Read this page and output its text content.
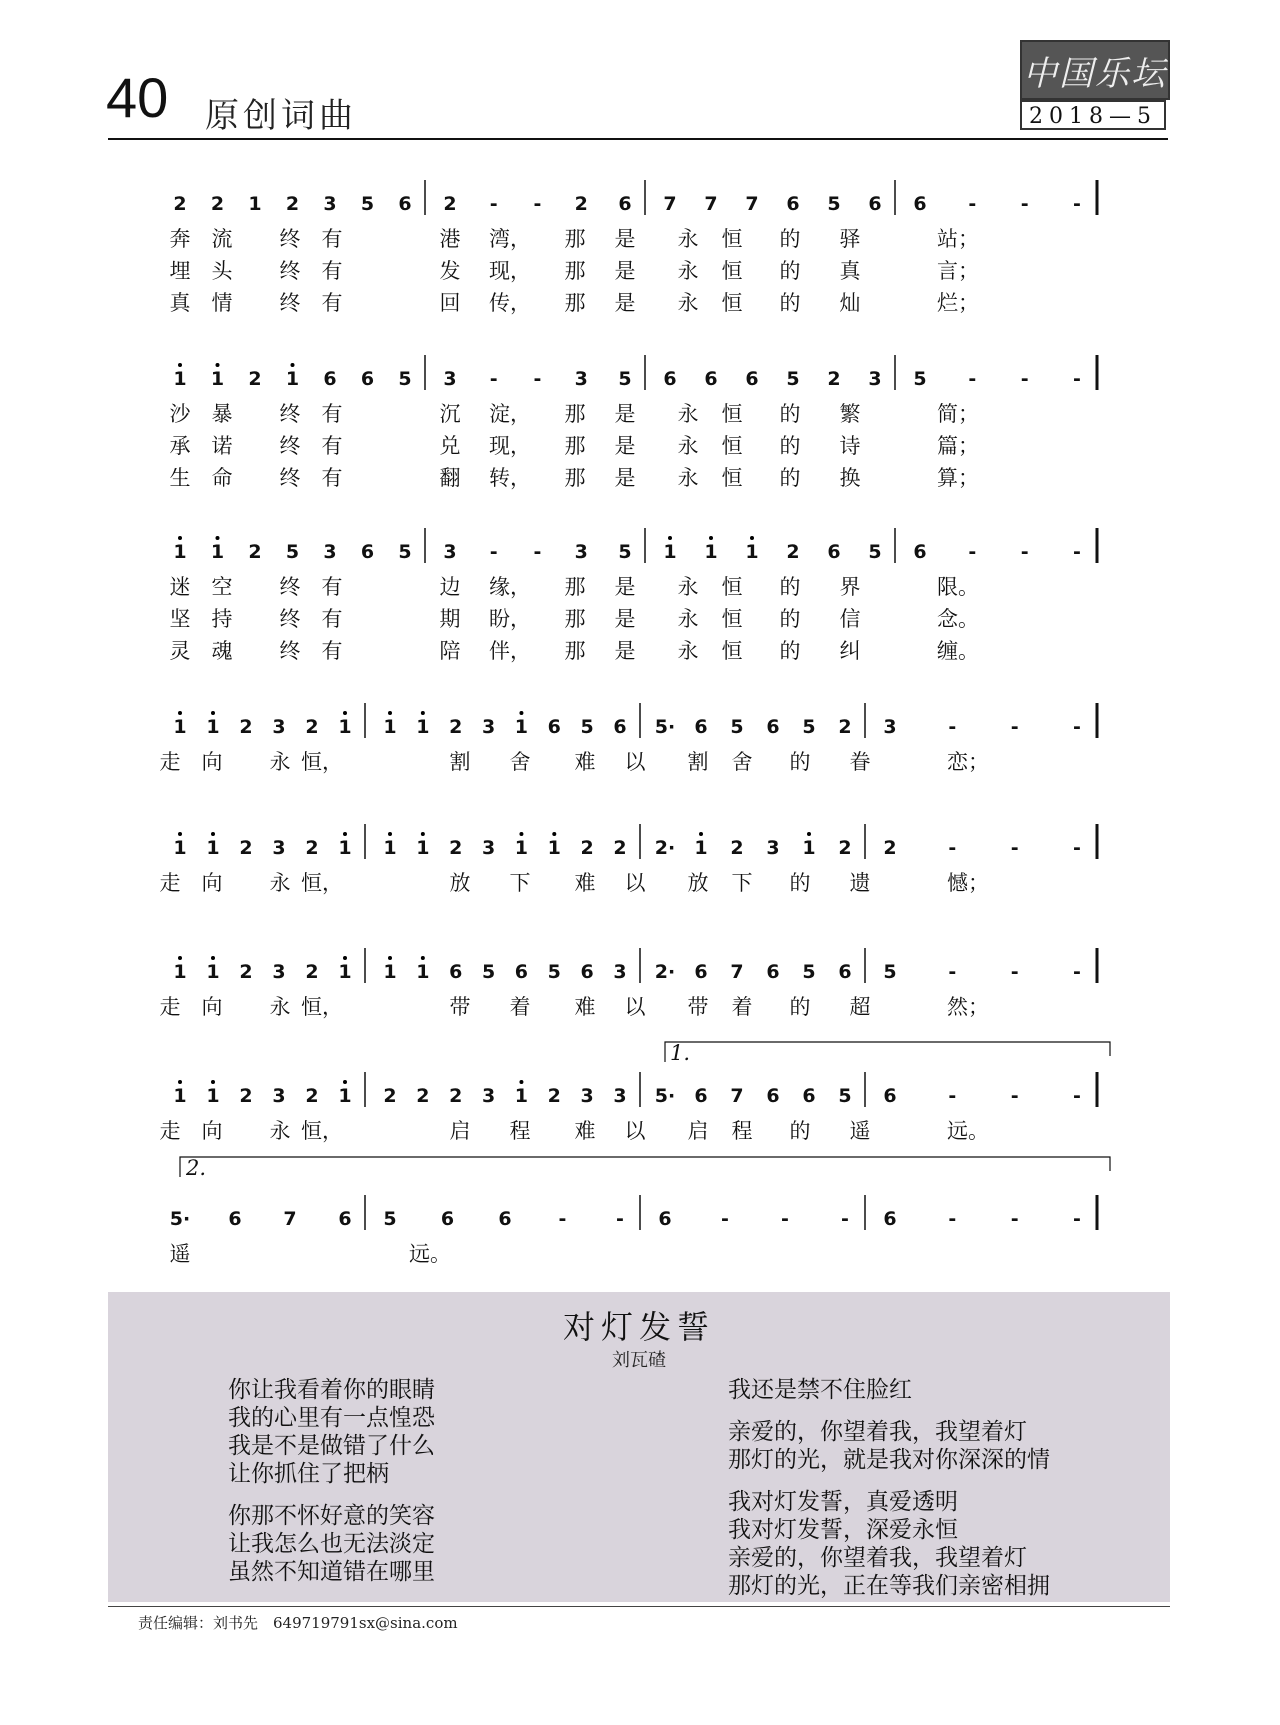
40 原创词曲
中国乐坛
2018—5
2 2 1 2 3 5 6 2 - - 2 6 7 7 7 6 5 6 6 - - -
奔 流 终 有	港 湾， 那 是 永 恒 的 驿	站；
埋 头 终 有	发 现， 那 是 永 恒 的 真	言；
真 情 终 有	回 传， 那 是 永 恒 的 灿	烂；
1 1 2 1 6 6 5 3 - - 3 5 6 6 6 5 2 3 5 - - -
沙 暴 终 有	沉 淀， 那 是 永 恒 的 繁	简；
承 诺 终 有	兑 现， 那 是 永 恒 的 诗	篇；
生 命 终 有	翻 转， 那 是 永 恒 的 换	算；
1 1 2 5 3 6 5 3 - - 3 5 1 1 1 2 6 5 6 - - -
迷 空 终 有	边 缘， 那 是 永 恒 的 界	限。
坚 持 终 有	期 盼， 那 是 永 恒 的 信	念。
灵 魂 终 有	陪 伴， 那 是 永 恒 的 纠	缠。
1 1 2 3 2 1 1 1 2 3 1 6 5 6 5· 6 5 6 5 2 3	-	-	-
走 向 永 恒，	割 舍 难 以 割 舍 的 眷	恋；
1 1 2 3 2 1 1 1 2 3 1 1 2 2 2· 1 2 3 1 2 2	-	-	-
走 向 永 恒，	放 下 难 以 放 下 的 遗	憾；
1 1 2 3 2 1 1 1 6 5 6 5 6 3 2· 6 7 6 5 6 5	-	-	-
走 向 永 恒，	带 着 难 以 带 着 的 超	然；
1 1 2 3 2 1 2 2 2 3 1 2 3 3 5· 6 7 6 6 5 6	-	-	-
走 向 永 恒，	启 程 难 以 启 程 的 遥	远。
5· 6 7 6 5 6 6 -	- 6	-	-	- 6	-	-	-
遥	远。
1.
2.
对灯发誓
刘瓦碴
你让我看着你的眼睛
我的心里有一点惶恐
我是不是做错了什么
让你抓住了把柄
你那不怀好意的笑容
让我怎么也无法淡定
虽然不知道错在哪里
我还是禁不住脸红
亲爱的，你望着我，我望着灯
那灯的光，就是我对你深深的情
我对灯发誓，真爱透明
我对灯发誓，深爱永恒
亲爱的，你望着我，我望着灯
那灯的光，正在等我们亲密相拥
责任编辑：刘书先　649719791sx@sina.com
